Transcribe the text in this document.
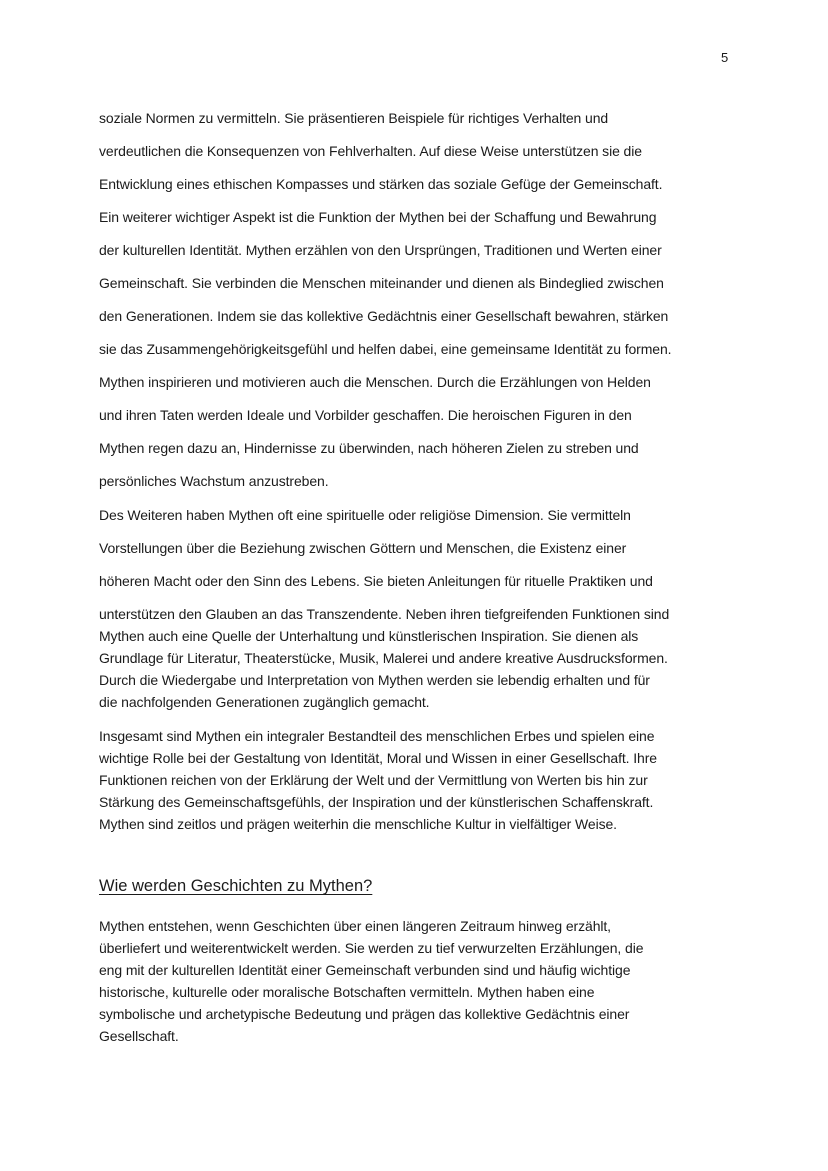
5
soziale Normen zu vermitteln. Sie präsentieren Beispiele für richtiges Verhalten und
verdeutlichen die Konsequenzen von Fehlverhalten. Auf diese Weise unterstützen sie die
Entwicklung eines ethischen Kompasses und stärken das soziale Gefüge der Gemeinschaft.
Ein weiterer wichtiger Aspekt ist die Funktion der Mythen bei der Schaffung und Bewahrung
der kulturellen Identität. Mythen erzählen von den Ursprüngen, Traditionen und Werten einer
Gemeinschaft. Sie verbinden die Menschen miteinander und dienen als Bindeglied zwischen
den Generationen. Indem sie das kollektive Gedächtnis einer Gesellschaft bewahren, stärken
sie das Zusammengehörigkeitsgefühl und helfen dabei, eine gemeinsame Identität zu formen.
Mythen inspirieren und motivieren auch die Menschen. Durch die Erzählungen von Helden
und ihren Taten werden Ideale und Vorbilder geschaffen. Die heroischen Figuren in den
Mythen regen dazu an, Hindernisse zu überwinden, nach höheren Zielen zu streben und
persönliches Wachstum anzustreben.
Des Weiteren haben Mythen oft eine spirituelle oder religiöse Dimension. Sie vermitteln
Vorstellungen über die Beziehung zwischen Göttern und Menschen, die Existenz einer
höheren Macht oder den Sinn des Lebens. Sie bieten Anleitungen für rituelle Praktiken und
unterstützen den Glauben an das Transzendente. Neben ihren tiefgreifenden Funktionen sind
Mythen auch eine Quelle der Unterhaltung und künstlerischen Inspiration. Sie dienen als
Grundlage für Literatur, Theaterstücke, Musik, Malerei und andere kreative Ausdrucksformen.
Durch die Wiedergabe und Interpretation von Mythen werden sie lebendig erhalten und für
die nachfolgenden Generationen zugänglich gemacht.
Insgesamt sind Mythen ein integraler Bestandteil des menschlichen Erbes und spielen eine
wichtige Rolle bei der Gestaltung von Identität, Moral und Wissen in einer Gesellschaft. Ihre
Funktionen reichen von der Erklärung der Welt und der Vermittlung von Werten bis hin zur
Stärkung des Gemeinschaftsgefühls, der Inspiration und der künstlerischen Schaffenskraft.
Mythen sind zeitlos und prägen weiterhin die menschliche Kultur in vielfältiger Weise.
Wie werden Geschichten zu Mythen?
Mythen entstehen, wenn Geschichten über einen längeren Zeitraum hinweg erzählt,
überliefert und weiterentwickelt werden. Sie werden zu tief verwurzelten Erzählungen, die
eng mit der kulturellen Identität einer Gemeinschaft verbunden sind und häufig wichtige
historische, kulturelle oder moralische Botschaften vermitteln. Mythen haben eine
symbolische und archetypische Bedeutung und prägen das kollektive Gedächtnis einer
Gesellschaft.
